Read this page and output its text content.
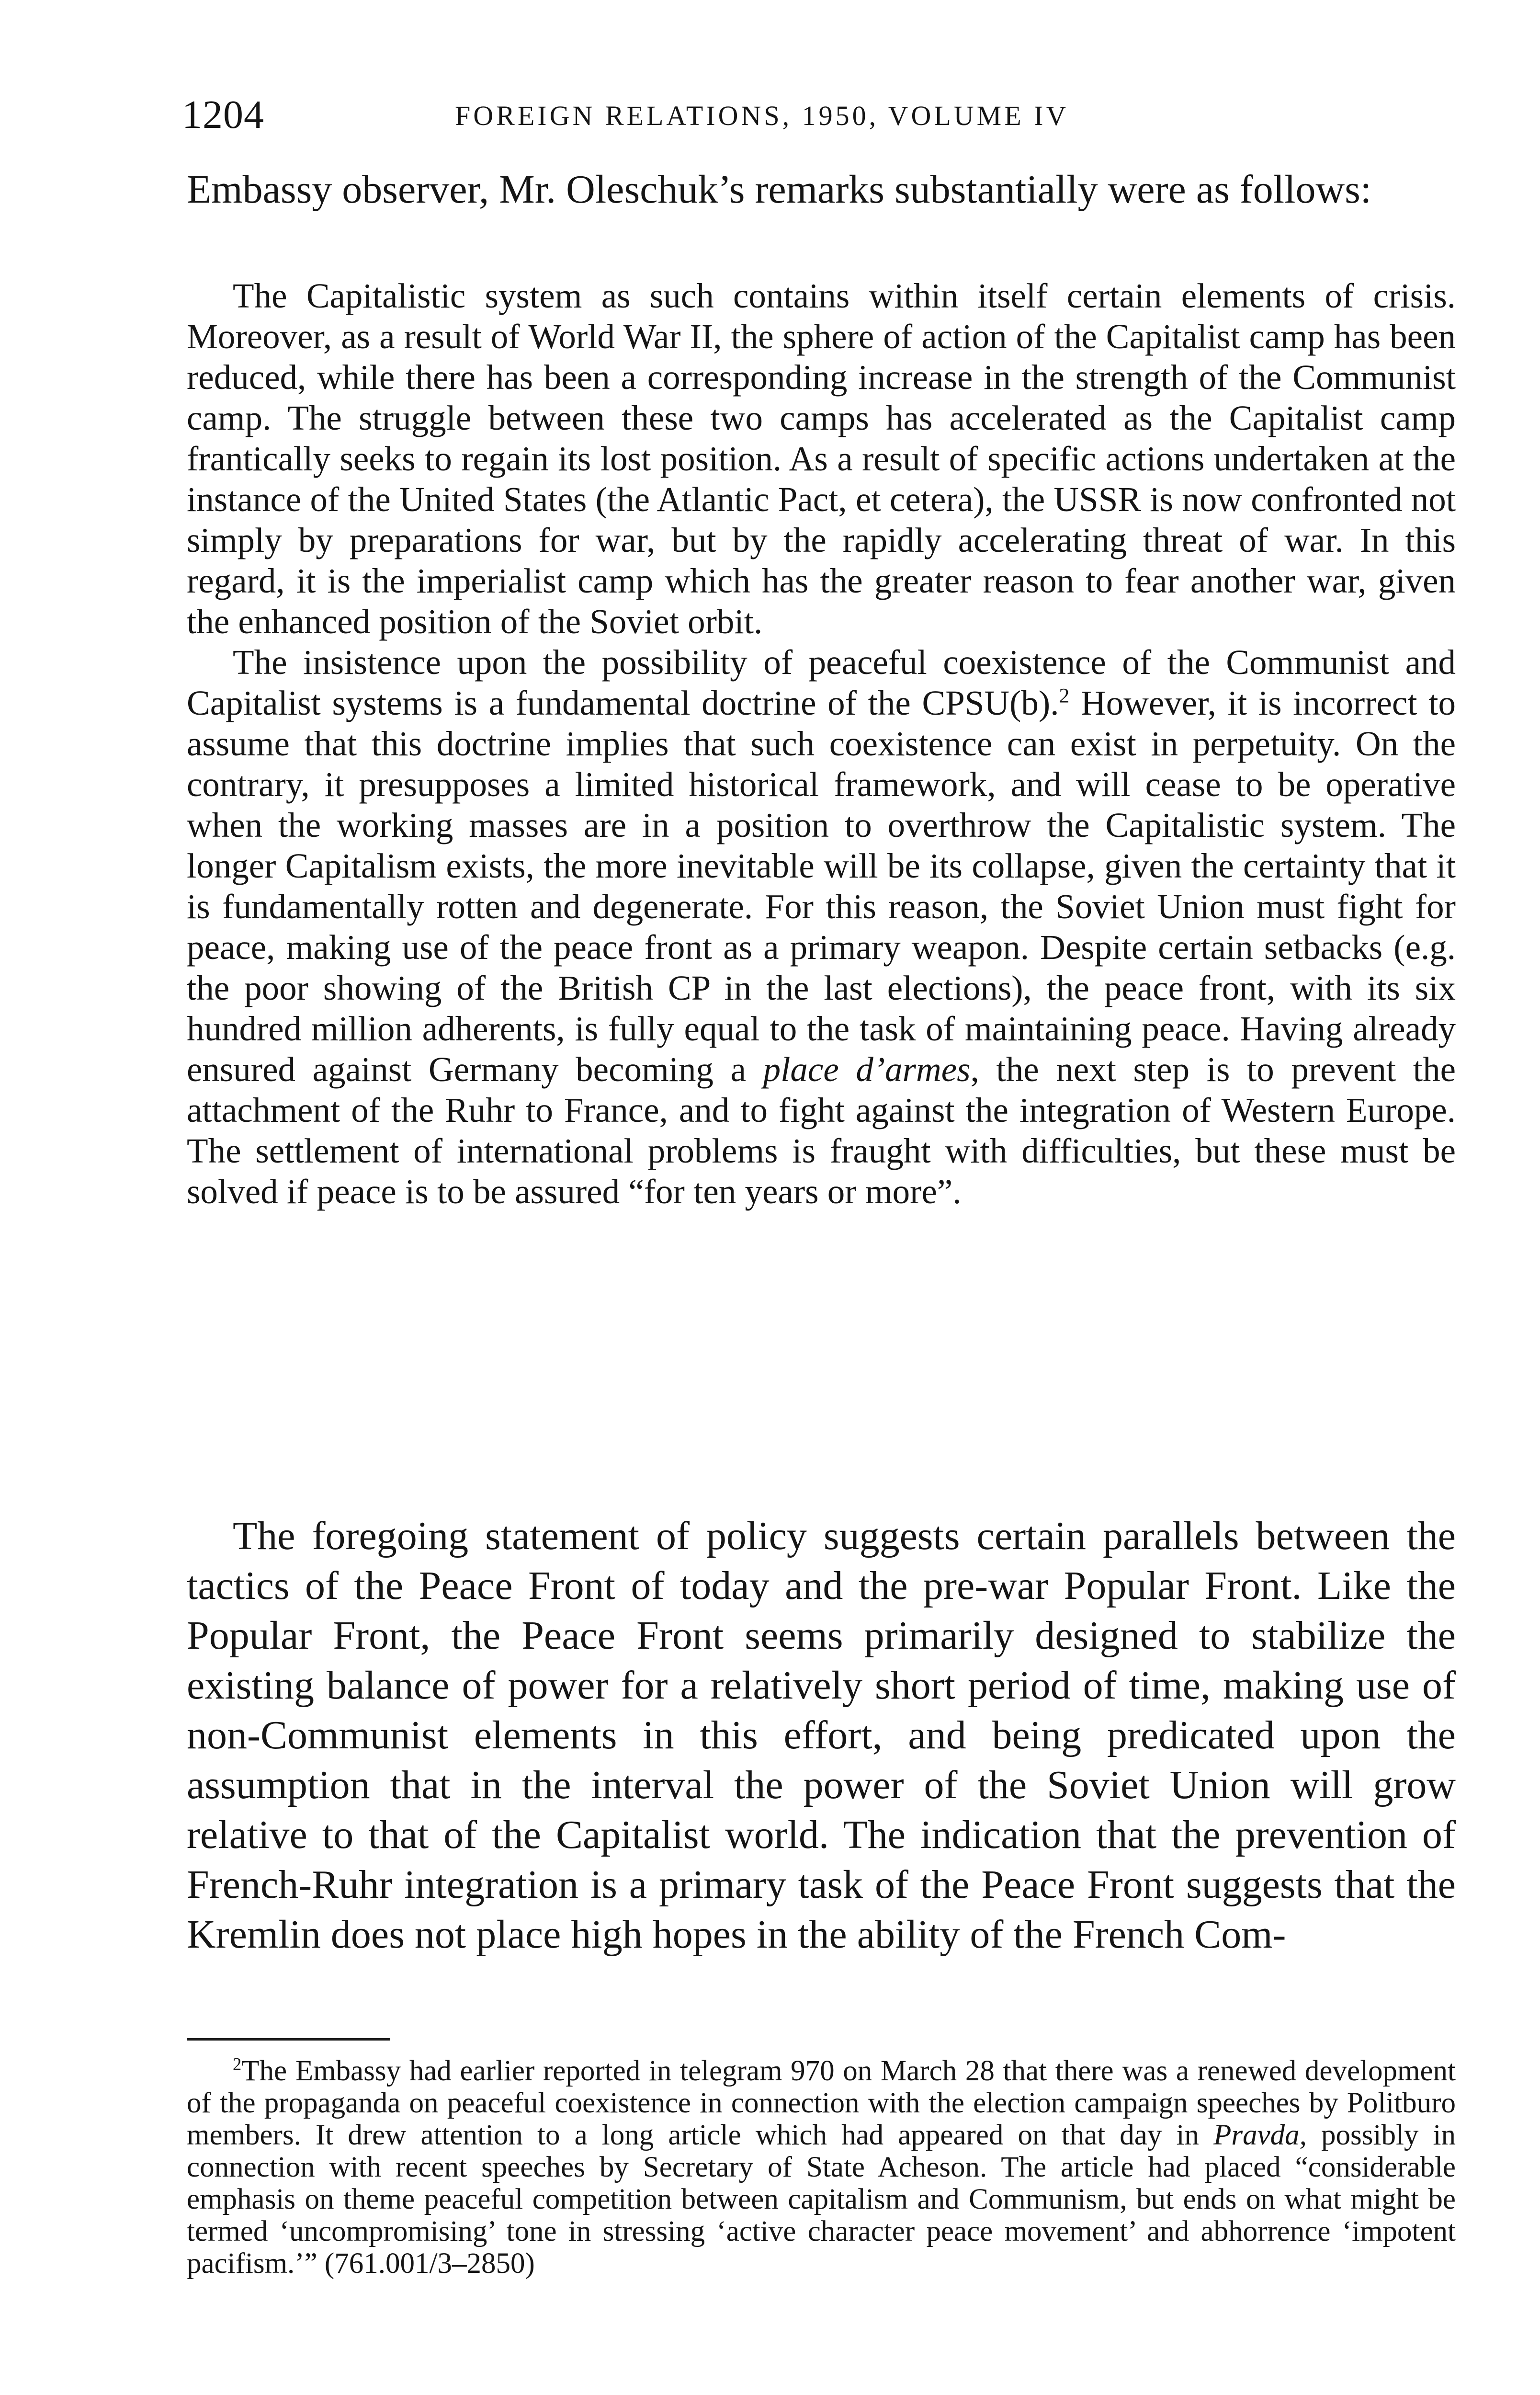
1204	FOREIGN RELATIONS, 1950, VOLUME IV

Embassy observer, Mr. Oleschuk’s remarks substantially were as follows:

The Capitalistic system as such contains within itself certain elements of crisis. Moreover, as a result of World War II, the sphere of action of the Capitalist camp has been reduced, while there has been a corresponding increase in the strength of the Communist camp. The struggle between these two camps has accelerated as the Capitalist camp frantically seeks to regain its lost position. As a result of specific actions undertaken at the instance of the United States (the Atlantic Pact, et cetera), the USSR is now confronted not simply by preparations for war, but by the rapidly accelerating threat of war. In this regard, it is the imperialist camp which has the greater reason to fear another war, given the enhanced position of the Soviet orbit.

The insistence upon the possibility of peaceful coexistence of the Communist and Capitalist systems is a fundamental doctrine of the CPSU(b).$^2$ However, it is incorrect to assume that this doctrine implies that such coexistence can exist in perpetuity. On the contrary, it presupposes a limited historical framework, and will cease to be operative when the working masses are in a position to overthrow the Capitalistic system. The longer Capitalism exists, the more inevitable will be its collapse, given the certainty that it is fundamentally rotten and degenerate. For this reason, the Soviet Union must fight for peace, making use of the peace front as a primary weapon. Despite certain setbacks (e.g. the poor showing of the British CP in the last elections), the peace front, with its six hundred million adherents, is fully equal to the task of maintaining peace. Having already ensured against Germany becoming a place d’armes, the next step is to prevent the attachment of the Ruhr to France, and to fight against the integration of Western Europe. The settlement of international problems is fraught with difficulties, but these must be solved if peace is to be assured “for ten years or more”.

The foregoing statement of policy suggests certain parallels between the tactics of the Peace Front of today and the pre-war Popular Front. Like the Popular Front, the Peace Front seems primarily designed to stabilize the existing balance of power for a relatively short period of time, making use of non-Communist elements in this effort, and being predicated upon the assumption that in the interval the power of the Soviet Union will grow relative to that of the Capitalist world. The indication that the prevention of French-Ruhr integration is a primary task of the Peace Front suggests that the Kremlin does not place high hopes in the ability of the French Com-

$^2$The Embassy had earlier reported in telegram 970 on March 28 that there was a renewed development of the propaganda on peaceful coexistence in connection with the election campaign speeches by Politburo members. It drew attention to a long article which had appeared on that day in Pravda, possibly in connection with recent speeches by Secretary of State Acheson. The article had placed “considerable emphasis on theme peaceful competition between capitalism and Communism, but ends on what might be termed ‘uncompromising’ tone in stressing ‘active character peace movement’ and abhorrence ‘impotent pacifism.’” (761.001/3–2850)
